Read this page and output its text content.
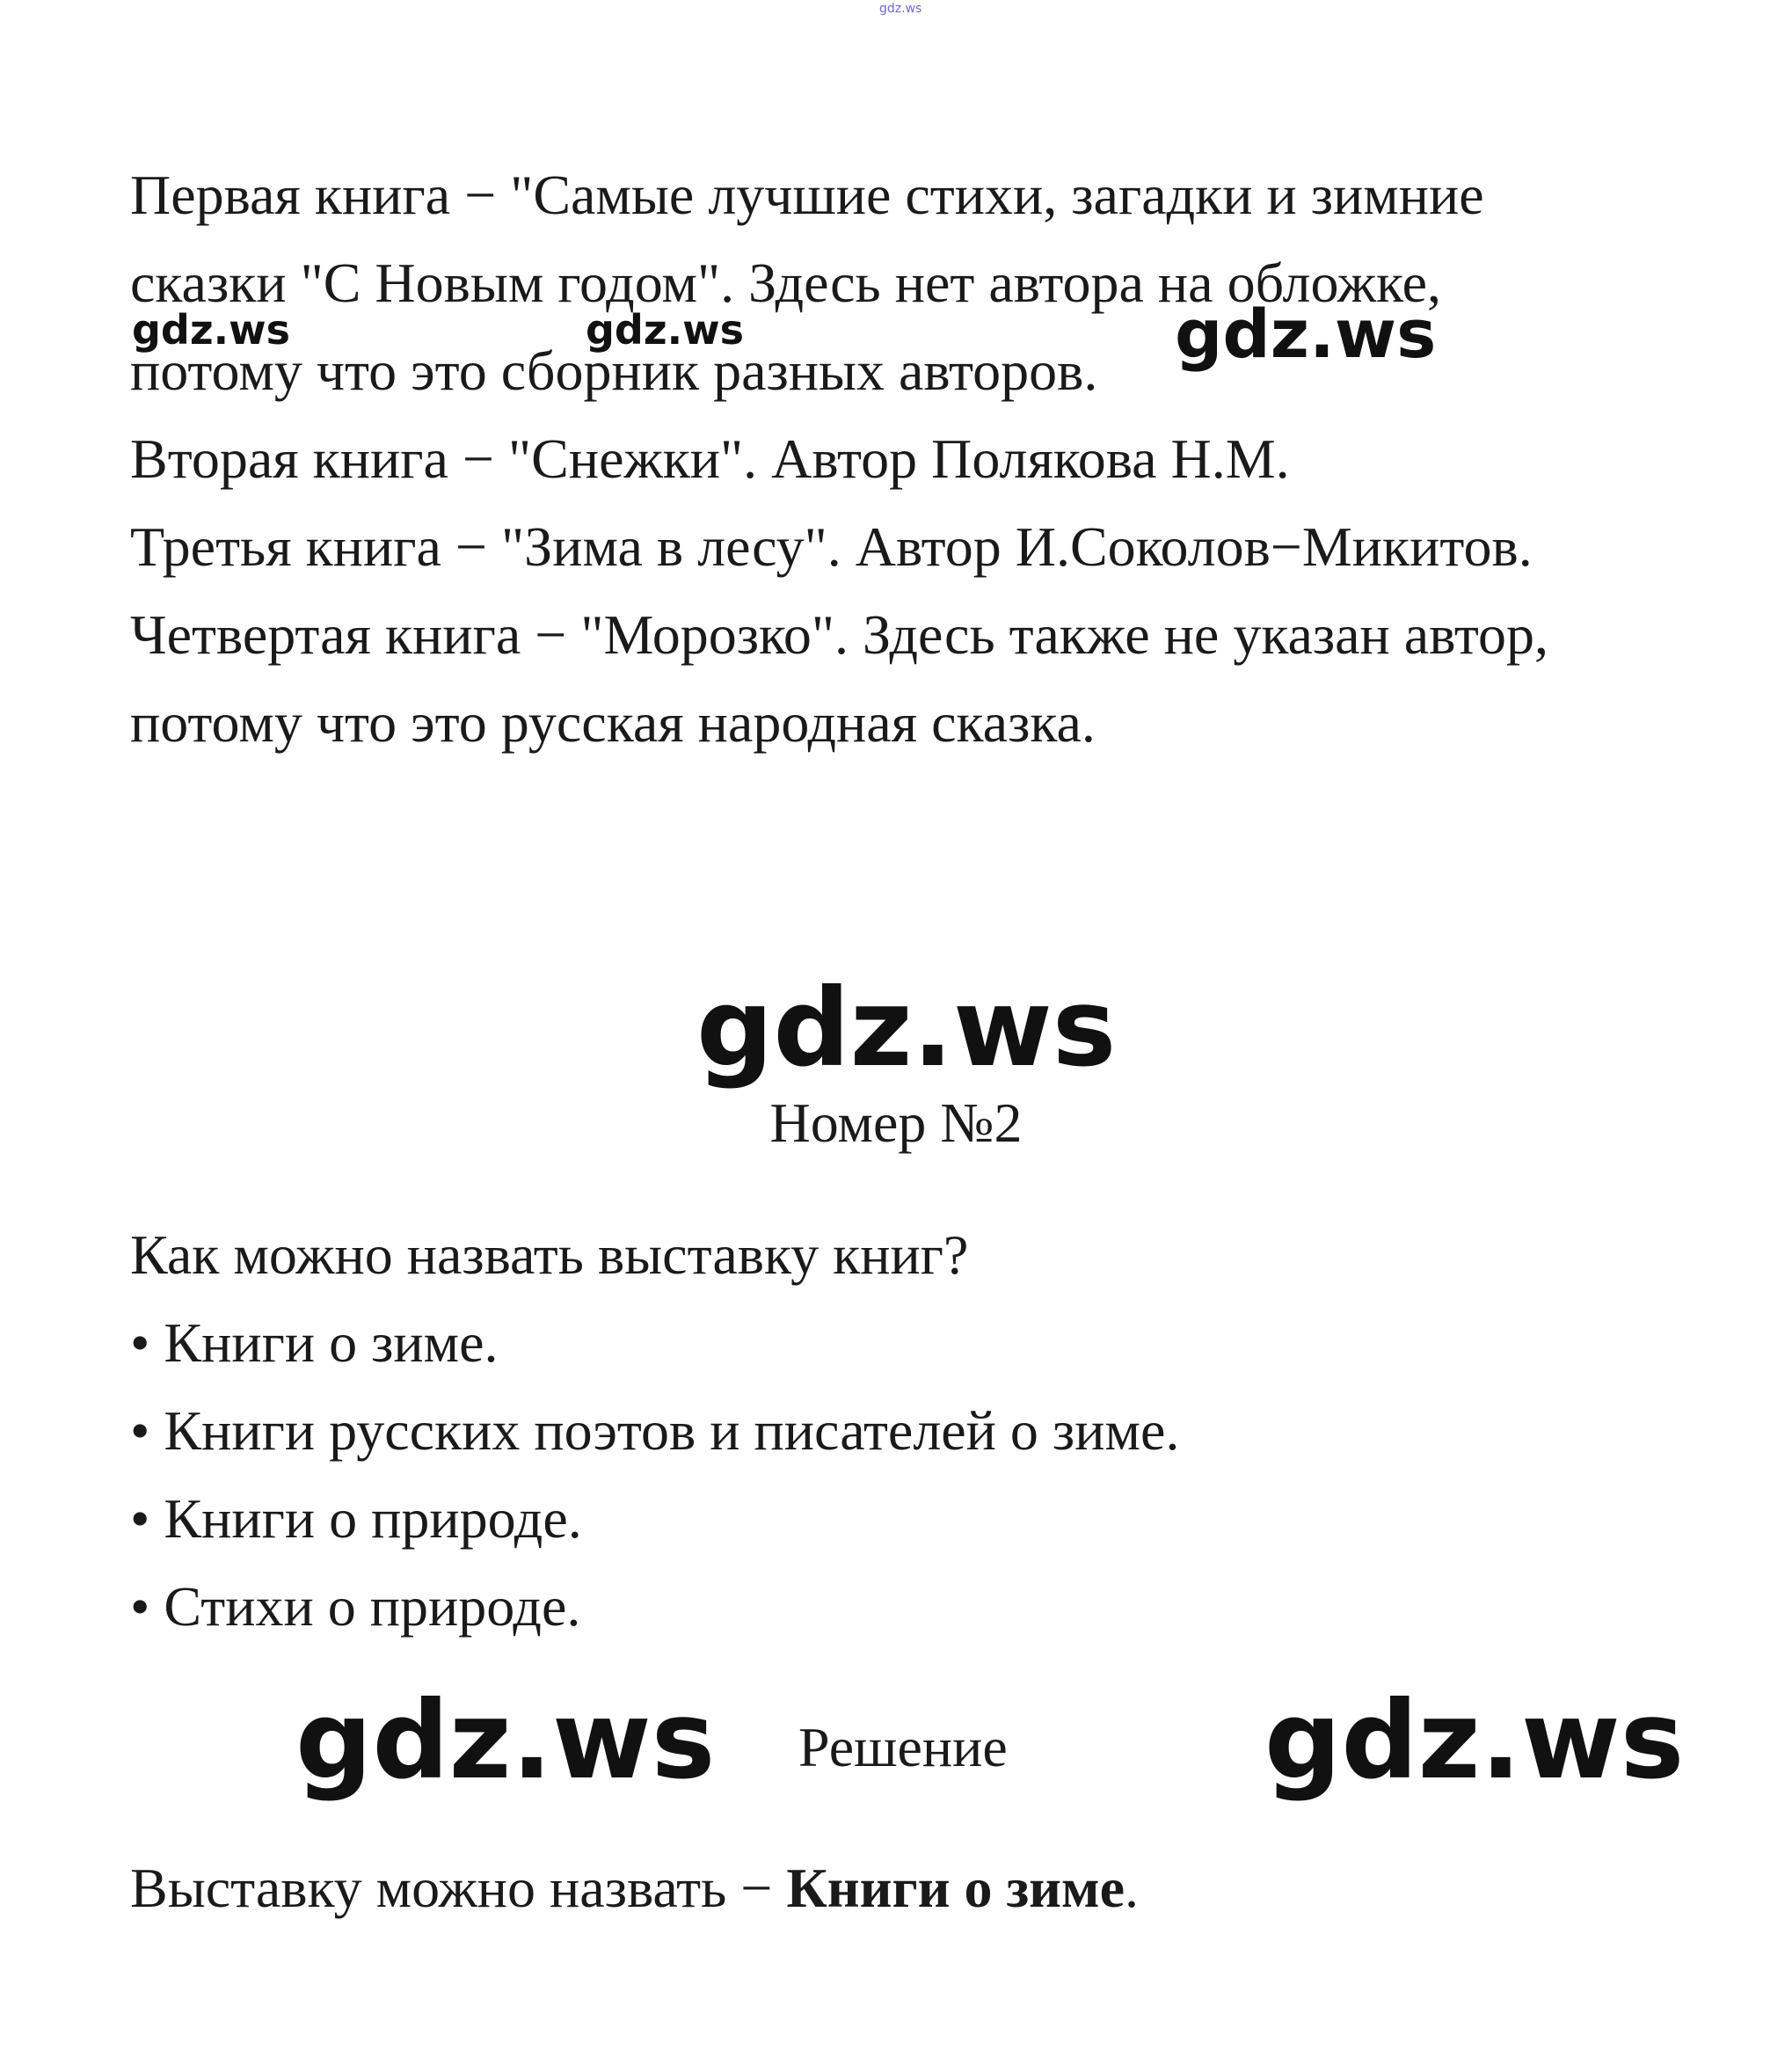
gdz.ws
Первая книга − "Самые лучшие стихи, загадки и зимние
сказки "С Новым годом". Здесь нет автора на обложке,
потому что это сборник разных авторов.
Вторая книга − "Снежки". Автор Полякова Н.М.
Третья книга − "Зима в лесу". Автор И.Соколов−Микитов.
Четвертая книга − "Морозко". Здесь также не указан автор,
потому что это русская народная сказка.
gdz.ws	gdz.ws	gdz.ws
gdz.ws
Номер №2
Как можно назвать выставку книг?
• Книги о зиме.
• Книги русских поэтов и писателей о зиме.
• Книги о природе.
• Стихи о природе.
gdz.ws Решение gdz.ws
Выставку можно назвать − Книги о зиме.
